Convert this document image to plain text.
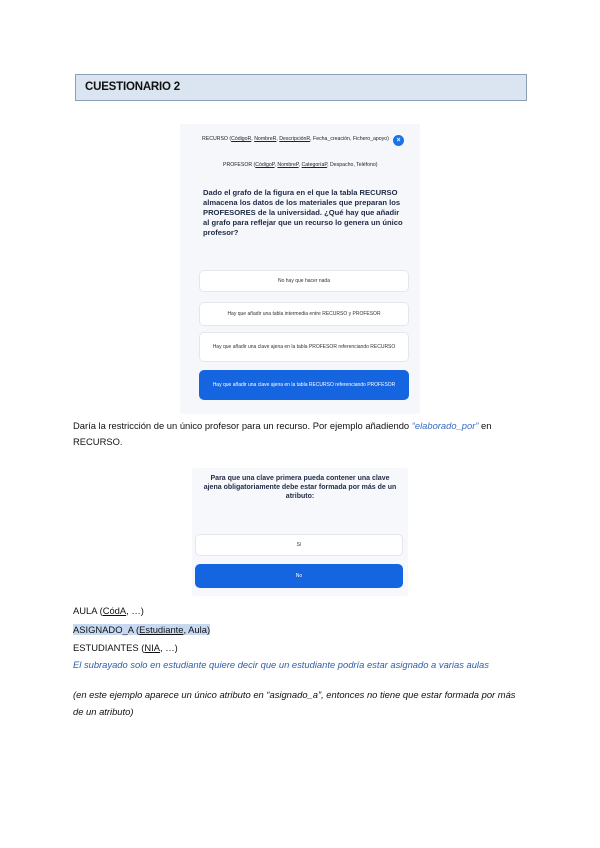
CUESTIONARIO 2
RECURSO (CódigoR, NombreR, DescripciónR, Fecha_creación, Fichero_apoyo)	×
PROFESOR (CódigoP, NombreP, CategoríaP, Despacho, Teléfono)
Dado el grafo de la figura en el que la tabla RECURSO almacena los datos de los materiales que preparan los PROFESORES de la universidad. ¿Qué hay que añadir al grafo para reflejar que un recurso lo genera un único profesor?
No hay que hacer nada
Hay que añadir una tabla intermedia entre RECURSO y PROFESOR
Hay que añadir una clave ajena en la tabla PROFESOR referenciando RECURSO
Hay que añadir una clave ajena en la tabla RECURSO referenciando PROFESOR
Daría la restricción de un único profesor para un recurso. Por ejemplo añadiendo “elaborado_por” en RECURSO.
Para que una clave primera pueda contener una clave ajena obligatoriamente debe estar formada por más de un atributo:
Sí
No
AULA (CódA, …)
ASIGNADO_A (Estudiante, Aula)
ESTUDIANTES (NIA, …)
El subrayado solo en estudiante quiere decir que un estudiante podría estar asignado a varias aulas
(en este ejemplo aparece un único atributo en “asignado_a”, entonces no tiene que estar formada por más de un atributo)
